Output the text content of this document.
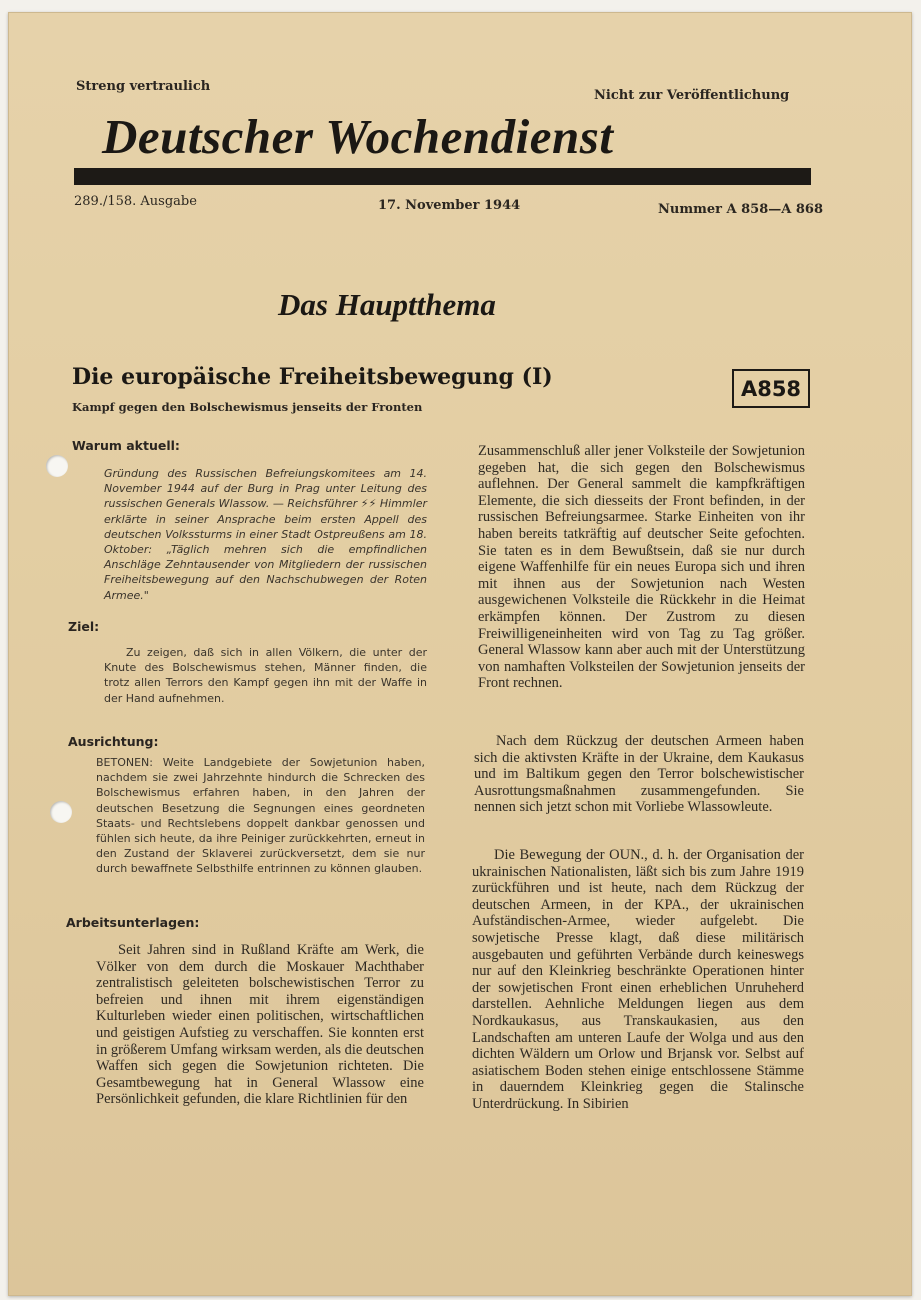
Streng vertraulich
Nicht zur Veröffentlichung
Deutscher Wochendienst
289./158. Ausgabe	17. November 1944	Nummer A 858—A 868
Das Hauptthema
Die europäische Freiheitsbewegung (I)
Kampf gegen den Bolschewismus jenseits der Fronten
A858
Warum aktuell:
Gründung des Russischen Befreiungskomitees am 14. November 1944 auf der Burg in Prag unter Leitung des russischen Generals Wlassow. — Reichsführer ⚡⚡ Himmler erklärte in seiner Ansprache beim ersten Appell des deutschen Volkssturms in einer Stadt Ostpreußens am 18. Oktober: „Täglich mehren sich die empfindlichen Anschläge Zehntausender von Mitgliedern der russischen Freiheitsbewegung auf den Nachschubwegen der Roten Armee."
Ziel:
Zu zeigen, daß sich in allen Völkern, die unter der Knute des Bolschewismus stehen, Männer finden, die trotz allen Terrors den Kampf gegen ihn mit der Waffe in der Hand aufnehmen.
Ausrichtung:
BETONEN: Weite Landgebiete der Sowjetunion haben, nachdem sie zwei Jahrzehnte hindurch die Schrecken des Bolschewismus erfahren haben, in den Jahren der deutschen Besetzung die Segnungen eines geordneten Staats- und Rechtslebens doppelt dankbar genossen und fühlen sich heute, da ihre Peiniger zurückkehrten, erneut in den Zustand der Sklaverei zurückversetzt, dem sie nur durch bewaffnete Selbsthilfe entrinnen zu können glauben.
Arbeitsunterlagen:
Seit Jahren sind in Rußland Kräfte am Werk, die Völker von dem durch die Moskauer Machthaber zentralistisch geleiteten bolschewistischen Terror zu befreien und ihnen mit ihrem eigenständigen Kulturleben wieder einen politischen, wirtschaftlichen und geistigen Aufstieg zu verschaffen. Sie konnten erst in größerem Umfang wirksam werden, als die deutschen Waffen sich gegen die Sowjetunion richteten. Die Gesamtbewegung hat in General Wlassow eine Persönlichkeit gefunden, die klare Richtlinien für den
Zusammenschluß aller jener Volksteile der Sowjetunion gegeben hat, die sich gegen den Bolschewismus auflehnen. Der General sammelt die kampfkräftigen Elemente, die sich diesseits der Front befinden, in der russischen Befreiungsarmee. Starke Einheiten von ihr haben bereits tatkräftig auf deutscher Seite gefochten. Sie taten es in dem Bewußtsein, daß sie nur durch eigene Waffenhilfe für ein neues Europa sich und ihren mit ihnen aus der Sowjetunion nach Westen ausgewichenen Volksteile die Rückkehr in die Heimat erkämpfen können. Der Zustrom zu diesen Freiwilligeneinheiten wird von Tag zu Tag größer. General Wlassow kann aber auch mit der Unterstützung von namhaften Volksteilen der Sowjetunion jenseits der Front rechnen.
Nach dem Rückzug der deutschen Armeen haben sich die aktivsten Kräfte in der Ukraine, dem Kaukasus und im Baltikum gegen den Terror bolschewistischer Ausrottungsmaßnahmen zusammengefunden. Sie nennen sich jetzt schon mit Vorliebe Wlassowleute.
Die Bewegung der OUN., d. h. der Organisation der ukrainischen Nationalisten, läßt sich bis zum Jahre 1919 zurückführen und ist heute, nach dem Rückzug der deutschen Armeen, in der KPA., der ukrainischen Aufständischen-Armee, wieder aufgelebt. Die sowjetische Presse klagt, daß diese militärisch ausgebauten und geführten Verbände durch keineswegs nur auf den Kleinkrieg beschränkte Operationen hinter der sowjetischen Front einen erheblichen Unruheherd darstellen. Aehnliche Meldungen liegen aus dem Nordkaukasus, aus Transkaukasien, aus den Landschaften am unteren Laufe der Wolga und aus den dichten Wäldern um Orlow und Brjansk vor. Selbst auf asiatischem Boden stehen einige entschlossene Stämme in dauerndem Kleinkrieg gegen die Stalinsche Unterdrückung. In Sibirien
